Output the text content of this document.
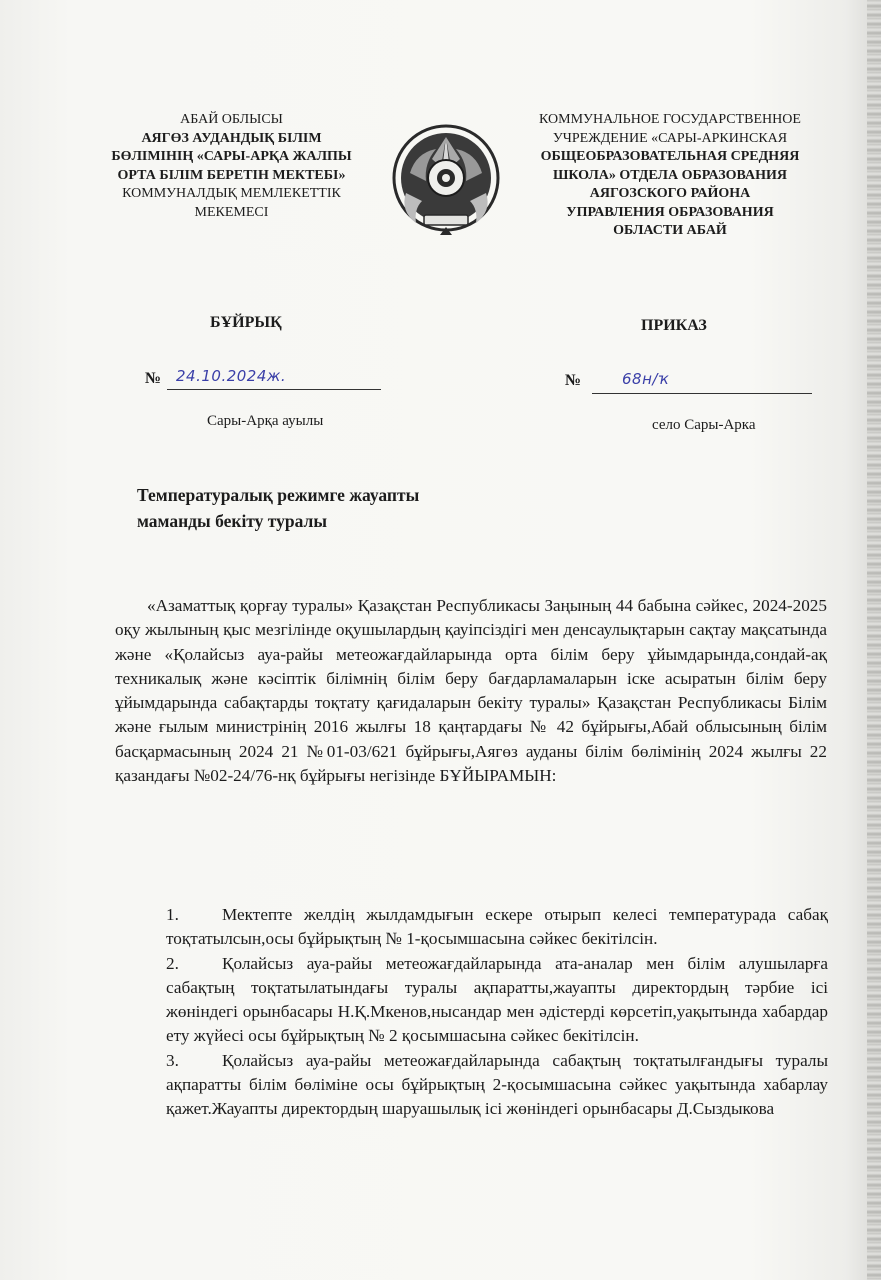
АБАЙ ОБЛЫСЫ
АЯГӨЗ АУДАНДЫҚ БІЛІМ
БӨЛІМІНІҢ «САРЫ-АРҚА ЖАЛПЫ
ОРТА БІЛІМ БЕРЕТІН МЕКТЕБІ»
КОММУНАЛДЫҚ МЕМЛЕКЕТТІК
МЕКЕМЕСІ
КОММУНАЛЬНОЕ ГОСУДАРСТВЕННОЕ
УЧРЕЖДЕНИЕ «САРЫ-АРКИНСКАЯ
ОБЩЕОБРАЗОВАТЕЛЬНАЯ СРЕДНЯЯ
ШКОЛА» ОТДЕЛА ОБРАЗОВАНИЯ
АЯГОЗСКОГО РАЙОНА
УПРАВЛЕНИЯ ОБРАЗОВАНИЯ
ОБЛАСТИ АБАЙ
БҰЙРЫҚ	ПРИКАЗ
№ 24.10.2024ж.	№	68н/ҡ
Сары-Арқа ауылы	село Сары-Арка
Температуралық режимге жауапты
маманды бекіту туралы

«Азаматтық қорғау туралы» Қазақстан Республикасы Заңының 44 бабына сәйкес, 2024-2025 оқу жылының қыс мезгілінде оқушылардың қауіпсіздігі мен денсаулықтарын сақтау мақсатында және «Қолайсыз ауа-райы метеожағдайларында орта білім беру ұйымдарында,сондай-ақ техникалық және кәсіптік білімнің білім беру бағдарламаларын іске асыратын білім беру ұйымдарында сабақтарды тоқтату қағидаларын бекіту туралы» Қазақстан Республикасы Білім және ғылым министрінің 2016 жылғы 18 қаңтардағы № 42 бұйрығы,Абай облысының білім басқармасының 2024 21 №01-03/621 бұйрығы,Аягөз ауданы білім бөлімінің 2024 жылғы 22 қазандағы №02-24/76-нқ бұйрығы негізінде БҰЙЫРАМЫН:

1.	Мектепте желдің жылдамдығын ескере отырып келесі температурада сабақ тоқтатылсын,осы бұйрықтың № 1-қосымшасына сәйкес бекітілсін.
2.	Қолайсыз ауа-райы метеожағдайларында ата-аналар мен білім алушыларға сабақтың тоқтатылатындағы туралы ақпаратты,жауапты директордың тәрбие ісі жөніндегі орынбасары Н.Қ.Мкенов,нысандар мен әдістерді көрсетіп,уақытында хабардар ету жүйесі осы бұйрықтың № 2 қосымшасына сәйкес бекітілсін.
3.	Қолайсыз ауа-райы метеожағдайларында сабақтың тоқтатылғандығы туралы ақпаратты білім бөліміне осы бұйрықтың 2-қосымшасына сәйкес уақытында хабарлау қажет.Жауапты директордың шаруашылық ісі жөніндегі орынбасары Д.Сыздыкова
